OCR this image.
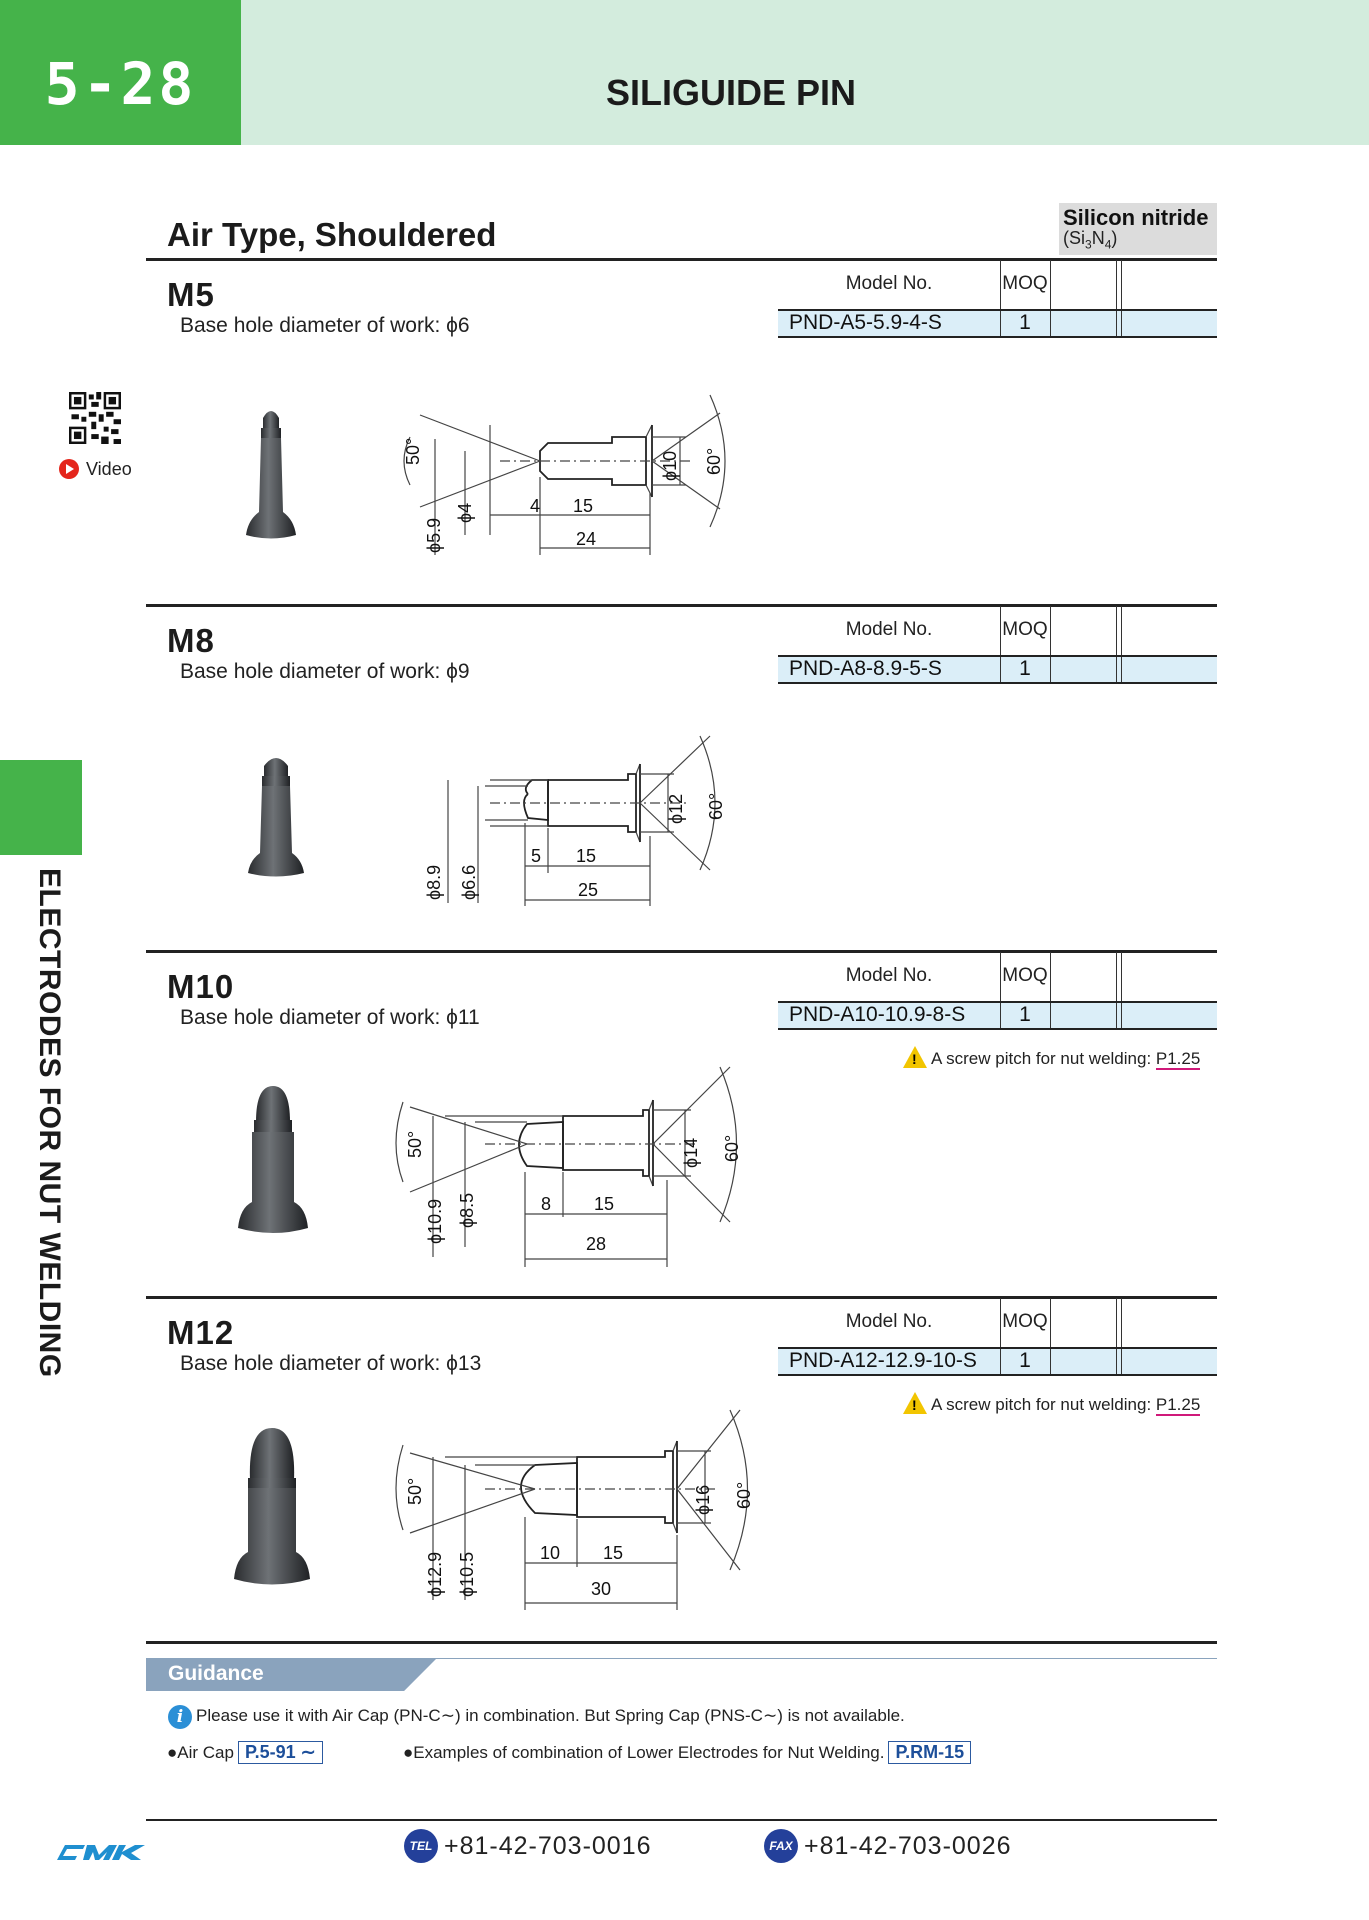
5-28	SILIGUIDE PIN
Silicon nitride
$(Si_3N_4)$
Air Type, Shouldered
ELECTRODES FOR NUT WELDING
Video
M5
Base hole diameter of work: ϕ6
Model No.	MOQ
PND-A5-5.9-4-S	1
4 15
24
ϕ5.9
ϕ4
50°	ϕ10 60°
M8
Base hole diameter of work: ϕ9
Model No.	MOQ
PND-A8-8.9-5-S	1
5 15
25
ϕ8.9 ϕ6.6
ϕ12 60°
M10
Base hole diameter of work: ϕ11
Model No.	MOQ
PND-A10-10.9-8-S	1
!A screw pitch for nut welding: P1.25
8 15
28
ϕ10.9 ϕ8.5
50°	ϕ14 60°
M12
Base hole diameter of work: ϕ13
Model No.	MOQ
PND-A12-12.9-10-S	1
!A screw pitch for nut welding: P1.25
10 15
30
ϕ12.9 ϕ10.5
50°	ϕ16 60°
Guidance
i Please use it with Air Cap (PN-C∼) in combination. But Spring Cap (PNS-C∼) is not available.
●Air Cap P.5-91 ∼	●Examples of combination of Lower Electrodes for Nut Welding. P.RM-15
SMK
TEL +81-42-703-0016	FAX +81-42-703-0026
